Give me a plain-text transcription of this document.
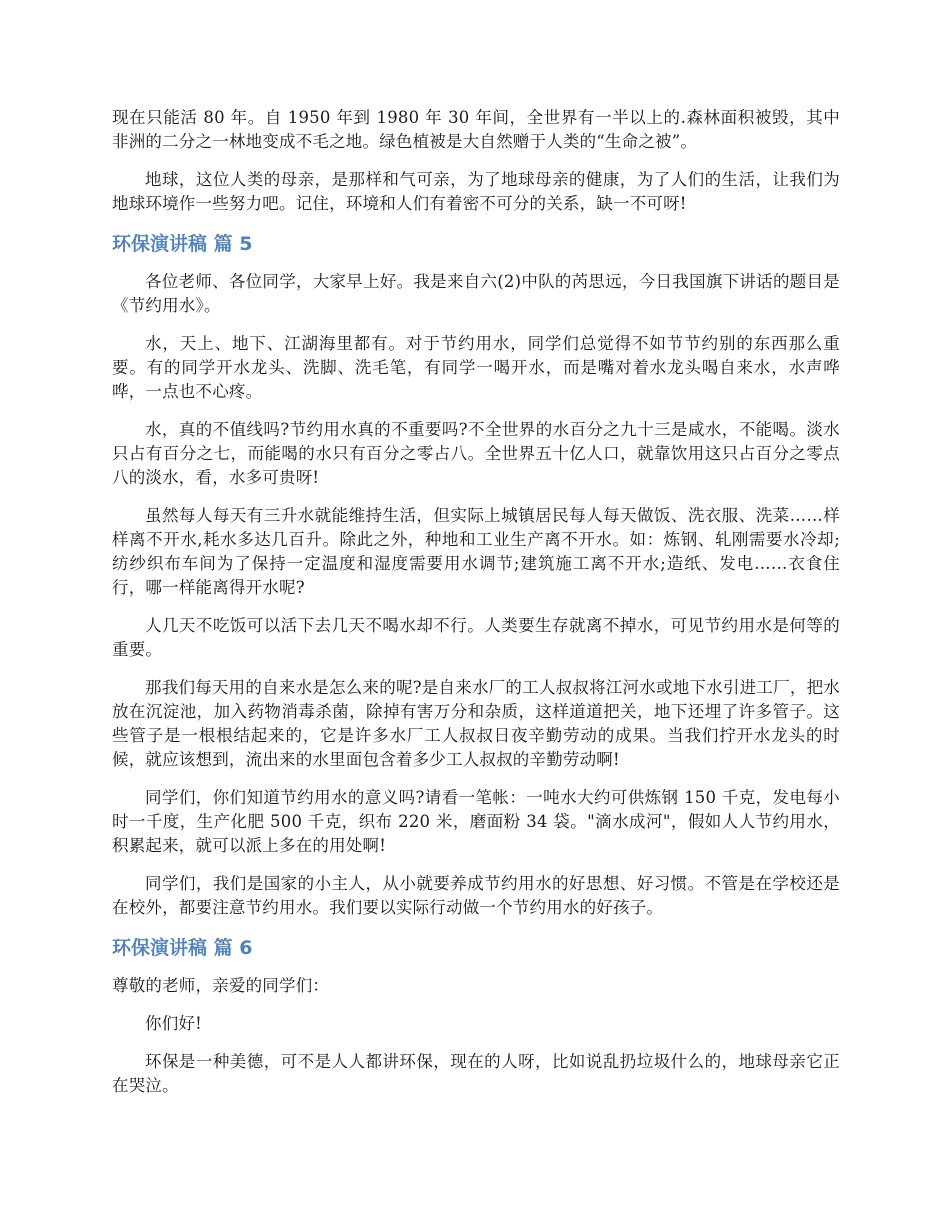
现在只能活 80 年。自 1950 年到 1980 年 30 年间，全世界有一半以上的.森林面积被毁，其中非洲的二分之一林地变成不毛之地。绿色植被是大自然赠于人类的“生命之被”。

地球，这位人类的母亲，是那样和气可亲，为了地球母亲的健康，为了人们的生活，让我们为地球环境作一些努力吧。记住，环境和人们有着密不可分的关系，缺一不可呀!

环保演讲稿 篇 5

各位老师、各位同学，大家早上好。我是来自六(2)中队的芮思远，今日我国旗下讲话的题目是《节约用水》。

水，天上、地下、江湖海里都有。对于节约用水，同学们总觉得不如节节约别的东西那么重要。有的同学开水龙头、洗脚、洗毛笔，有同学一喝开水，而是嘴对着水龙头喝自来水，水声哗哗，一点也不心疼。

水，真的不值线吗?节约用水真的不重要吗?不全世界的水百分之九十三是咸水，不能喝。淡水只占有百分之七，而能喝的水只有百分之零占八。全世界五十亿人口，就靠饮用这只占百分之零点八的淡水，看，水多可贵呀!

虽然每人每天有三升水就能维持生活，但实际上城镇居民每人每天做饭、洗衣服、洗菜……样样离不开水,耗水多达几百升。除此之外，种地和工业生产离不开水。如：炼钢、轧刚需要水冷却;纺纱织布车间为了保持一定温度和湿度需要用水调节;建筑施工离不开水;造纸、发电……衣食住行，哪一样能离得开水呢?

人几天不吃饭可以活下去几天不喝水却不行。人类要生存就离不掉水，可见节约用水是何等的重要。

那我们每天用的自来水是怎么来的呢?是自来水厂的工人叔叔将江河水或地下水引进工厂，把水放在沉淀池，加入药物消毒杀菌，除掉有害万分和杂质，这样道道把关，地下还埋了许多管子。这些管子是一根根结起来的，它是许多水厂工人叔叔日夜辛勤劳动的成果。当我们拧开水龙头的时候，就应该想到，流出来的水里面包含着多少工人叔叔的辛勤劳动啊!

同学们，你们知道节约用水的意义吗?请看一笔帐：一吨水大约可供炼钢 150 千克，发电每小时一千度，生产化肥 500 千克，织布 220 米，磨面粉 34 袋。"滴水成河"，假如人人节约用水，积累起来，就可以派上多在的用处啊!

同学们，我们是国家的小主人，从小就要养成节约用水的好思想、好习惯。不管是在学校还是在校外，都要注意节约用水。我们要以实际行动做一个节约用水的好孩子。

环保演讲稿 篇 6

尊敬的老师，亲爱的同学们：

你们好!

环保是一种美德，可不是人人都讲环保，现在的人呀，比如说乱扔垃圾什么的，地球母亲它正在哭泣。
